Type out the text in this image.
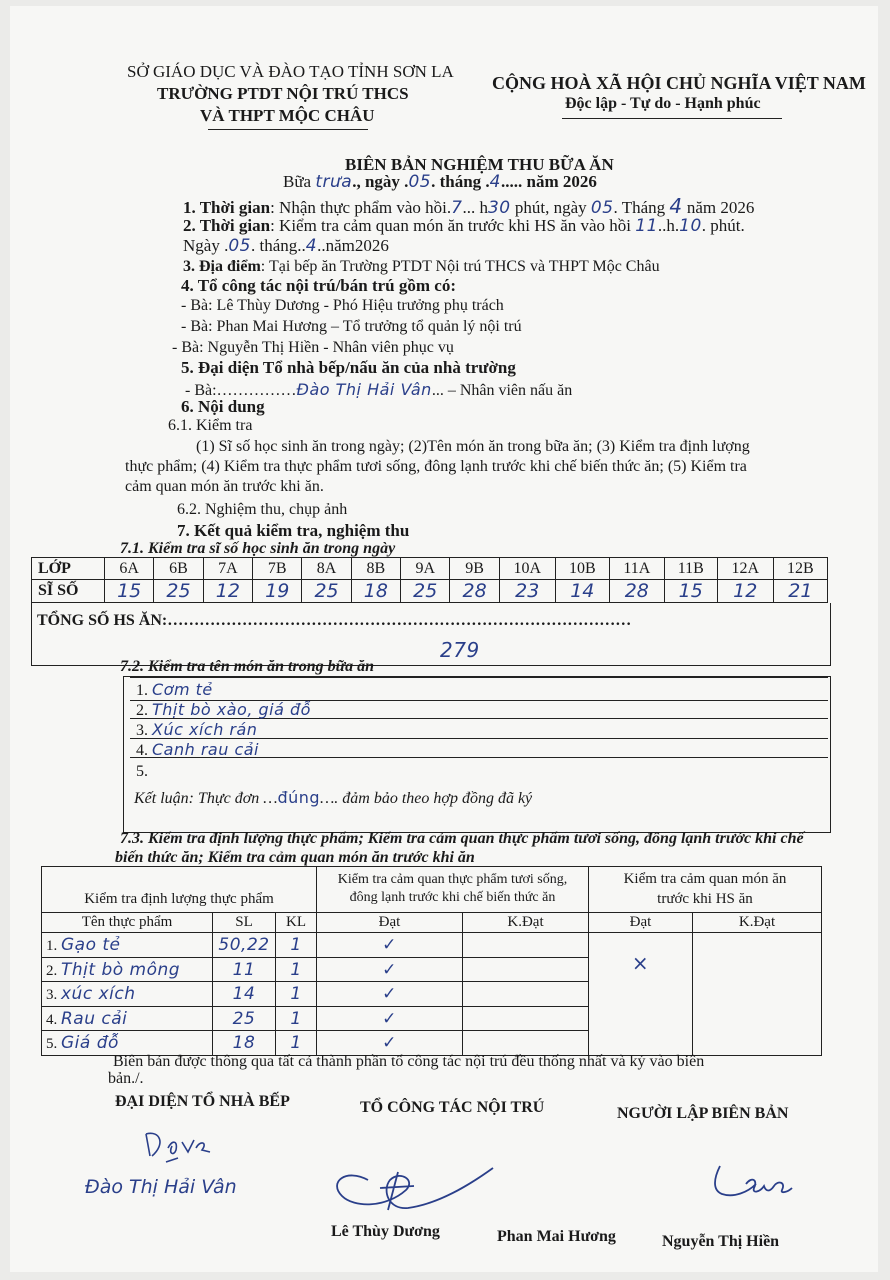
SỞ GIÁO DỤC VÀ ĐÀO TẠO TỈNH SƠN LA
TRƯỜNG PTDT NỘI TRÚ THCS
VÀ THPT MỘC CHÂU
CỘNG HOÀ XÃ HỘI CHỦ NGHĨA VIỆT NAM
Độc lập - Tự do - Hạnh phúc
BIÊN BẢN NGHIỆM THU BỮA ĂN
Bữa trưa., ngày .05. tháng .4..... năm 2026
1. Thời gian: Nhận thực phẩm vào hồi.7... h30 phút, ngày 05. Tháng 4 năm 2026
2. Thời gian: Kiểm tra cảm quan món ăn trước khi HS ăn vào hồi 11..h.10. phút.
Ngày .05. tháng..4..năm2026
3. Địa điểm: Tại bếp ăn Trường PTDT Nội trú THCS và THPT Mộc Châu
4. Tổ công tác nội trú/bán trú gồm có:
- Bà: Lê Thùy Dương - Phó Hiệu trưởng phụ trách
- Bà: Phan Mai Hương – Tổ trưởng tổ quản lý nội trú
- Bà: Nguyễn Thị Hiền - Nhân viên phục vụ
5. Đại diện Tổ nhà bếp/nấu ăn của nhà trường
- Bà:……………Đào Thị Hải Vân... – Nhân viên nấu ăn
6. Nội dung
6.1. Kiểm tra
(1) Sĩ số học sinh ăn trong ngày; (2)Tên món ăn trong bữa ăn; (3) Kiểm tra định lượng
thực phẩm; (4) Kiểm tra thực phẩm tươi sống, đông lạnh trước khi chế biến thức ăn; (5) Kiểm tra
cảm quan món ăn trước khi ăn.
6.2. Nghiệm thu, chụp ảnh
7. Kết quả kiểm tra, nghiệm thu
7.1. Kiểm tra sĩ số học sinh ăn trong ngày
LỚP	6A	6B	7A	7B	8A	8B	9A	9B	10A	10B	11A	11B	12A	12B
SĨ SỐ	15	25	12	19	25	18	25	28	23	14	28	15	12	21
TỔNG SỐ HS ĂN:……………………………………………………………………………
279
7.2. Kiểm tra tên món ăn trong bữa ăn
1. Cơm tẻ
2. Thịt bò xào, giá đỗ
3. Xúc xích rán
4. Canh rau cải
5.
Kết luận: Thực đơn …đúng…. đảm bảo theo hợp đồng đã ký
7.3. Kiểm tra định lượng thực phẩm; Kiểm tra cảm quan thực phẩm tươi sống, đông lạnh trước khi chế
biến thức ăn; Kiểm tra cảm quan món ăn trước khi ăn
Kiểm tra định lượng thực phẩm			Kiểm tra cảm quan thực phẩm tươi sống,
đông lạnh trước khi chế biến thức ăn		Kiểm tra cảm quan món ăn
trước khi HS ăn	
Tên thực phẩm	SL	KL	Đạt	K.Đạt	Đạt	K.Đạt
1. Gạo tẻ	50,22	1	✓		×	
2. Thịt bò mông	11	1	✓			
3. xúc xích	14	1	✓			
4. Rau cải	25	1	✓			
5. Giá đỗ	18	1	✓			
Biên bản được thông qua tất cả thành phần tổ công tác nội trú đều thống nhất và ký vào biên
bản./.
ĐẠI DIỆN TỔ NHÀ BẾP	TỔ CÔNG TÁC NỘI TRÚ	NGƯỜI LẬP BIÊN BẢN
Đào Thị Hải Vân
Lê Thùy Dương	Phan Mai Hương	Nguyễn Thị Hiền
